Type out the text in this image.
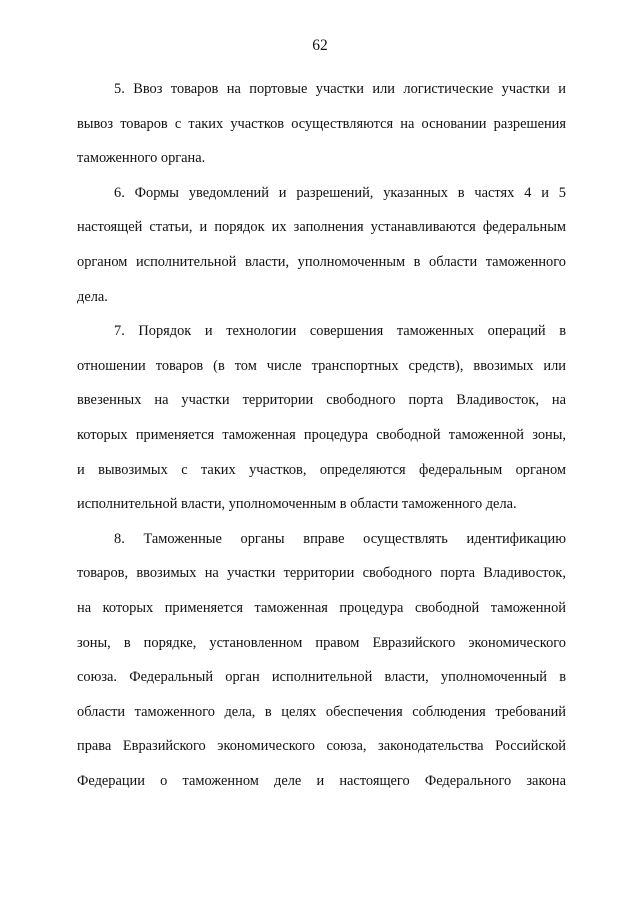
62
5. Ввоз товаров на портовые участки или логистические участки и
вывоз товаров с таких участков осуществляются на основании разрешения
таможенного органа.
6. Формы уведомлений и разрешений, указанных в частях 4 и 5
настоящей статьи, и порядок их заполнения устанавливаются федеральным
органом исполнительной власти, уполномоченным в области таможенного
дела.
7. Порядок и технологии совершения таможенных операций в
отношении товаров (в том числе транспортных средств), ввозимых или
ввезенных на участки территории свободного порта Владивосток, на
которых применяется таможенная процедура свободной таможенной зоны,
и вывозимых с таких участков, определяются федеральным органом
исполнительной власти, уполномоченным в области таможенного дела.
8. Таможенные органы вправе осуществлять идентификацию
товаров, ввозимых на участки территории свободного порта Владивосток,
на которых применяется таможенная процедура свободной таможенной
зоны, в порядке, установленном правом Евразийского экономического
союза. Федеральный орган исполнительной власти, уполномоченный в
области таможенного дела, в целях обеспечения соблюдения требований
права Евразийского экономического союза, законодательства Российской
Федерации о таможенном деле и настоящего Федерального закона
